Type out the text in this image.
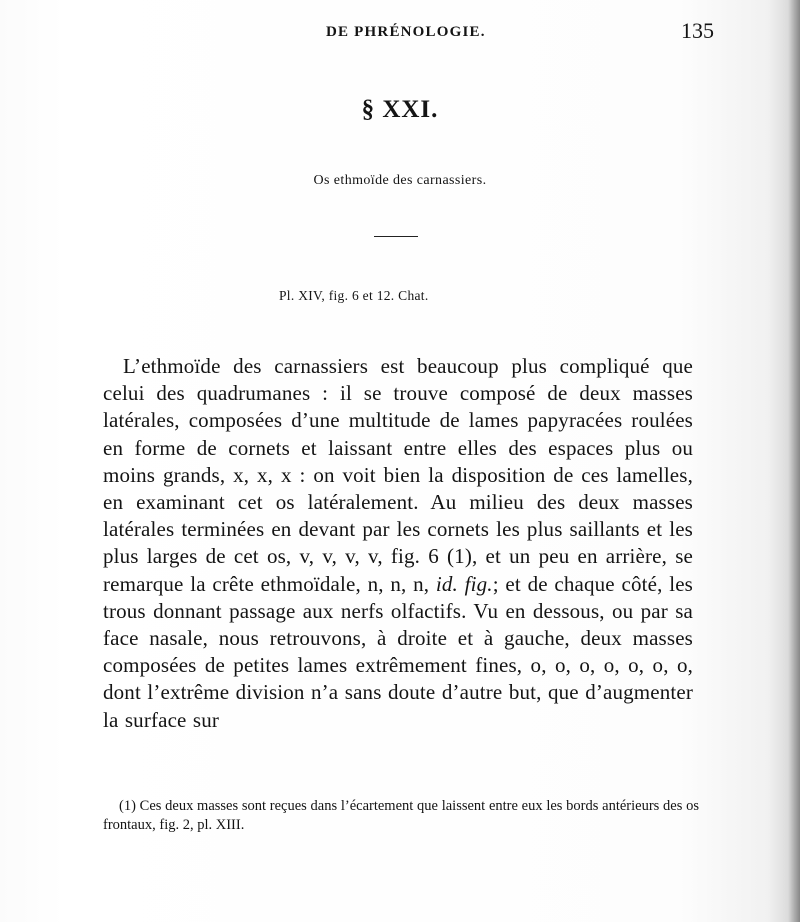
DE PHRÉNOLOGIE.	135
§ XXI.
Os ethmoïde des carnassiers.
Pl. XIV, fig. 6 et 12. Chat.

L’ethmoïde des carnassiers est beaucoup plus compliqué que celui des quadrumanes : il se trouve composé de deux masses latérales, composées d’une multitude de lames papyracées roulées en forme de cornets et laissant entre elles des espaces plus ou moins grands, x, x, x : on voit bien la disposition de ces lamelles, en examinant cet os latéralement. Au milieu des deux masses latérales terminées en devant par les cornets les plus saillants et les plus larges de cet os, v, v, v, v, fig. 6 (1), et un peu en arrière, se remarque la crête ethmoïdale, n, n, n, id. fig.; et de chaque côté, les trous donnant passage aux nerfs olfactifs. Vu en dessous, ou par sa face nasale, nous retrouvons, à droite et à gauche, deux masses composées de petites lames extrêmement fines, o, o, o, o, o, o, o, dont l’extrême division n’a sans doute d’autre but, que d’augmenter la surface sur

(1) Ces deux masses sont reçues dans l’écartement que laissent entre eux les bords antérieurs des os frontaux, fig. 2, pl. XIII.
